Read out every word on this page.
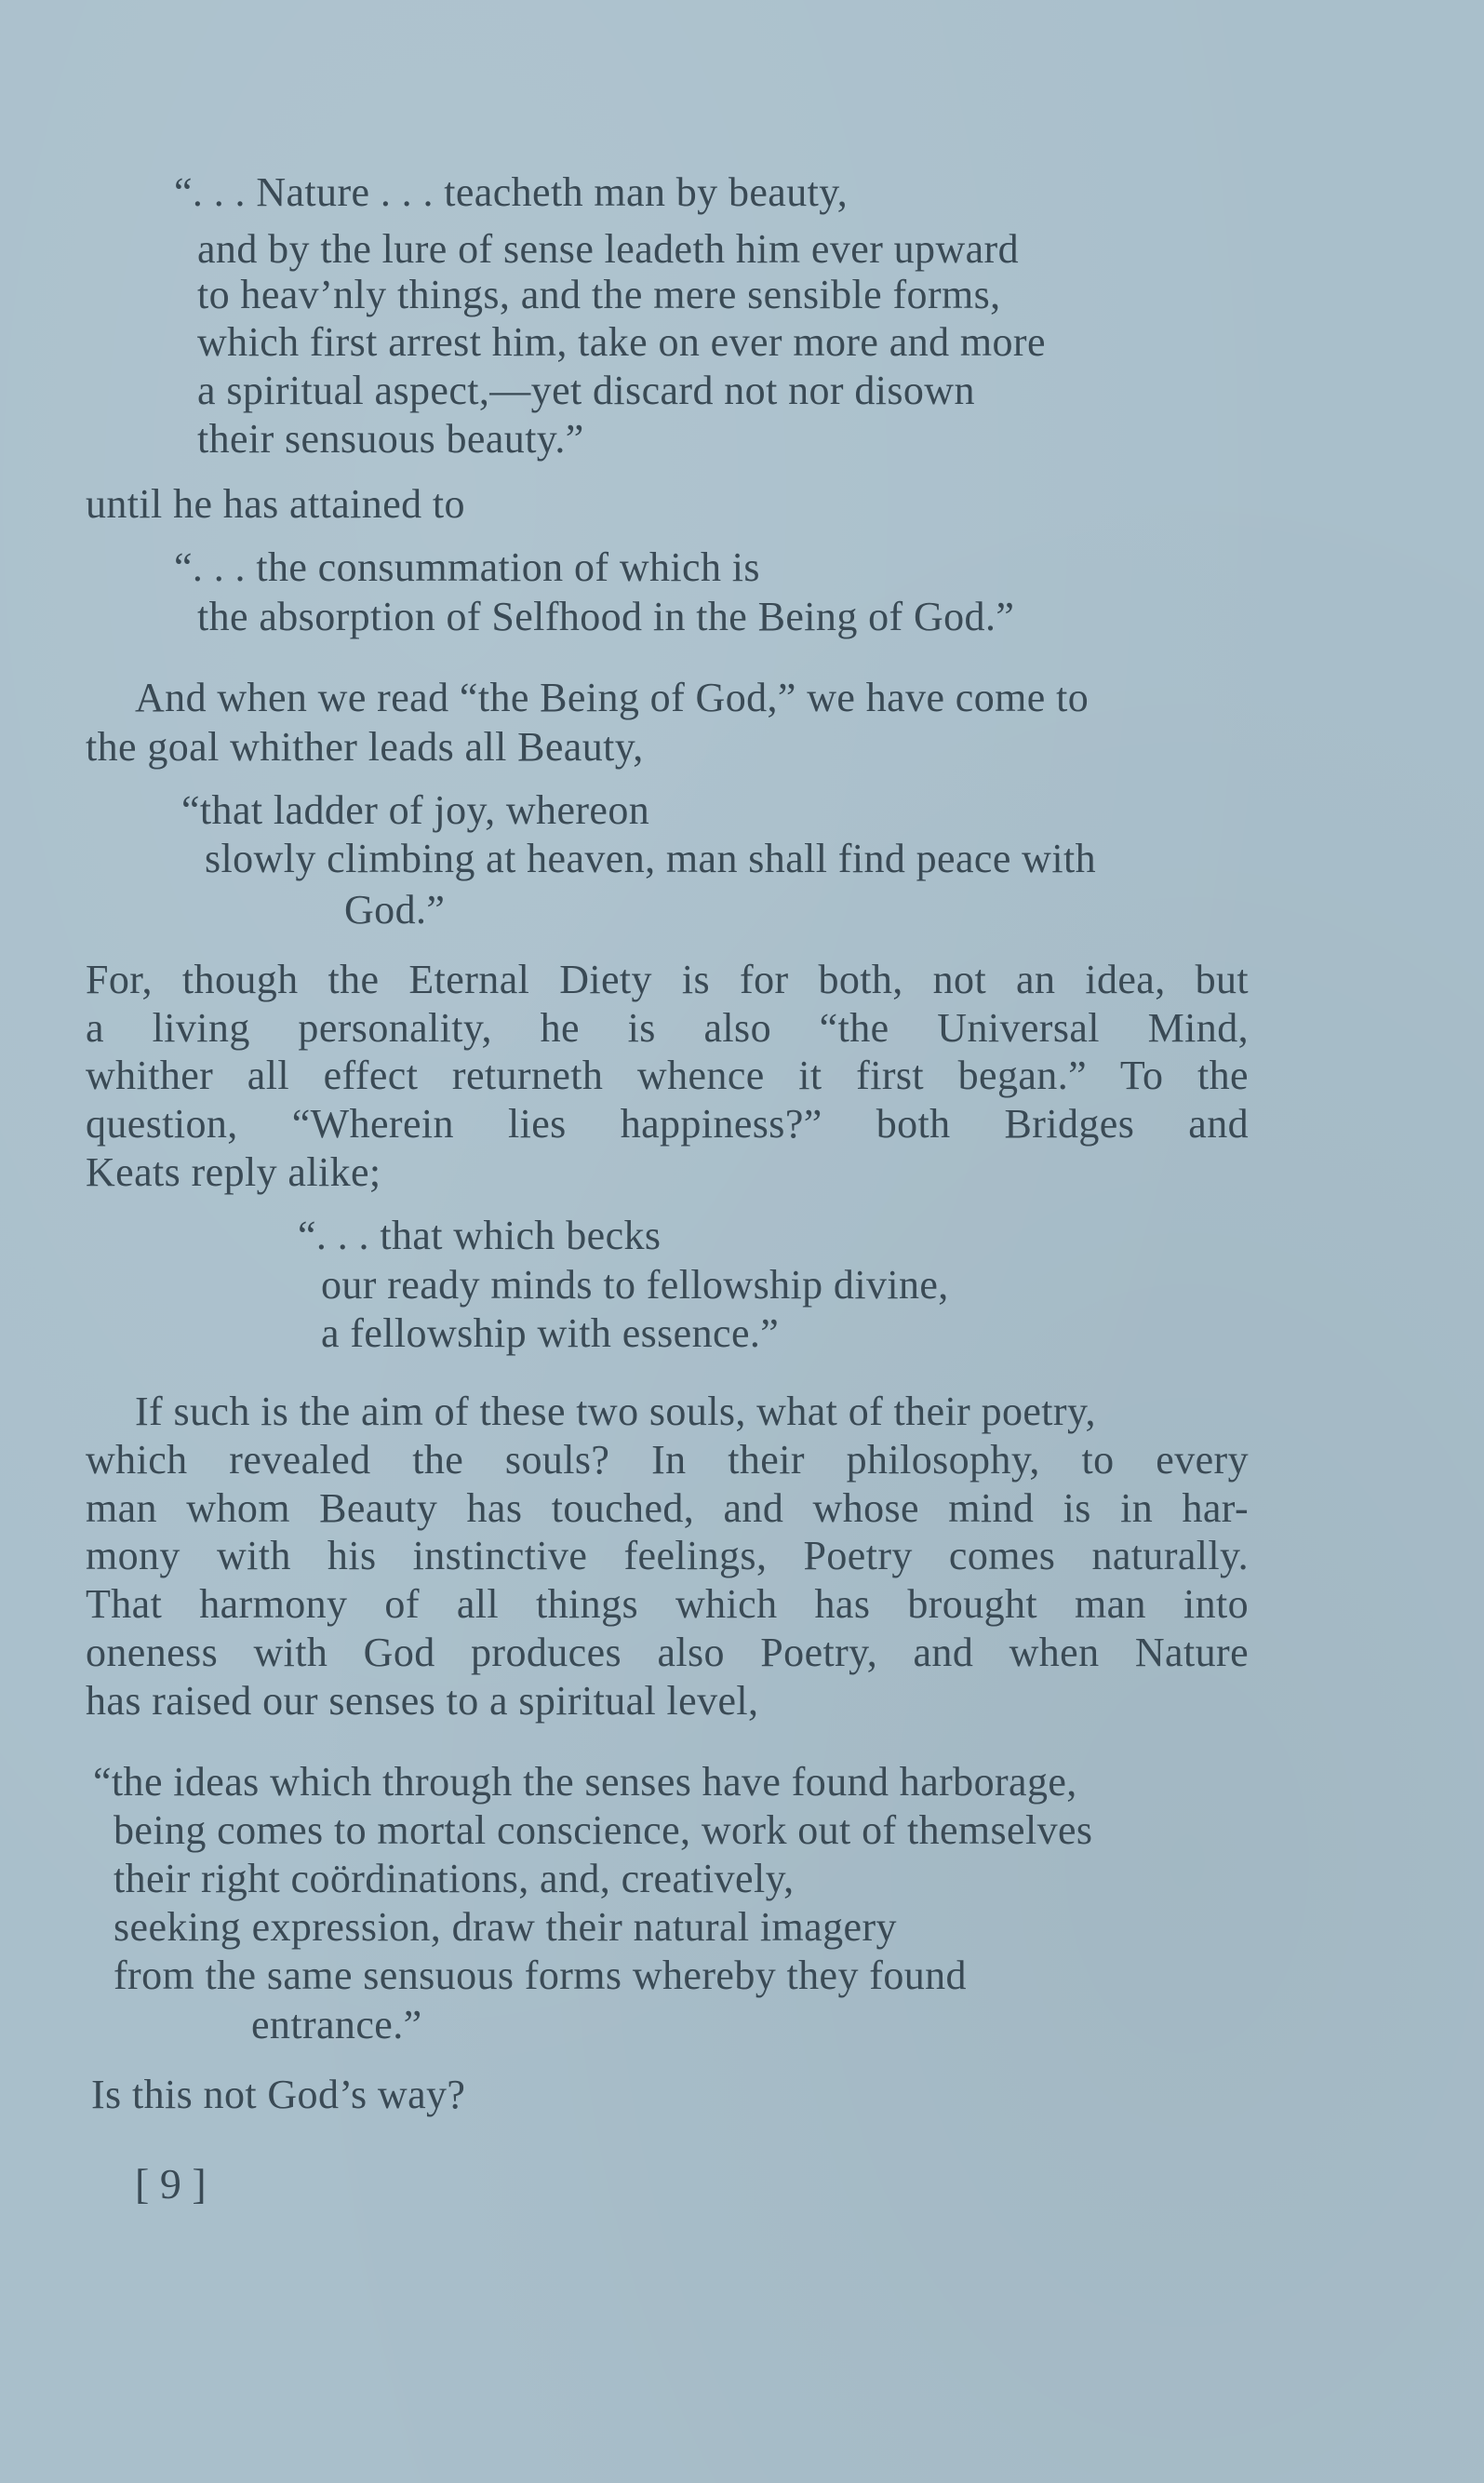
“. . . Nature . . . teacheth man by beauty,
and by the lure of sense leadeth him ever upward
to heav’nly things, and the mere sensible forms,
which first arrest him, take on ever more and more
a spiritual aspect,—yet discard not nor disown
their sensuous beauty.”
until he has attained to
“. . . the consummation of which is
the absorption of Selfhood in the Being of God.”
And when we read “the Being of God,” we have come to
the goal whither leads all Beauty,
“that ladder of joy, whereon
slowly climbing at heaven, man shall find peace with
God.”
For, though the Eternal Diety is for both, not an idea, but
a living personality, he is also “the Universal Mind,
whither all effect returneth whence it first began.” To the
question, “Wherein lies happiness?” both Bridges and
Keats reply alike;
“. . . that which becks
our ready minds to fellowship divine,
a fellowship with essence.”
If such is the aim of these two souls, what of their poetry,
which revealed the souls? In their philosophy, to every
man whom Beauty has touched, and whose mind is in har-
mony with his instinctive feelings, Poetry comes naturally.
That harmony of all things which has brought man into
oneness with God produces also Poetry, and when Nature
has raised our senses to a spiritual level,
“the ideas which through the senses have found harborage,
being comes to mortal conscience, work out of themselves
their right coördinations, and, creatively,
seeking expression, draw their natural imagery
from the same sensuous forms whereby they found
entrance.”
Is this not God’s way?
[ 9 ]
